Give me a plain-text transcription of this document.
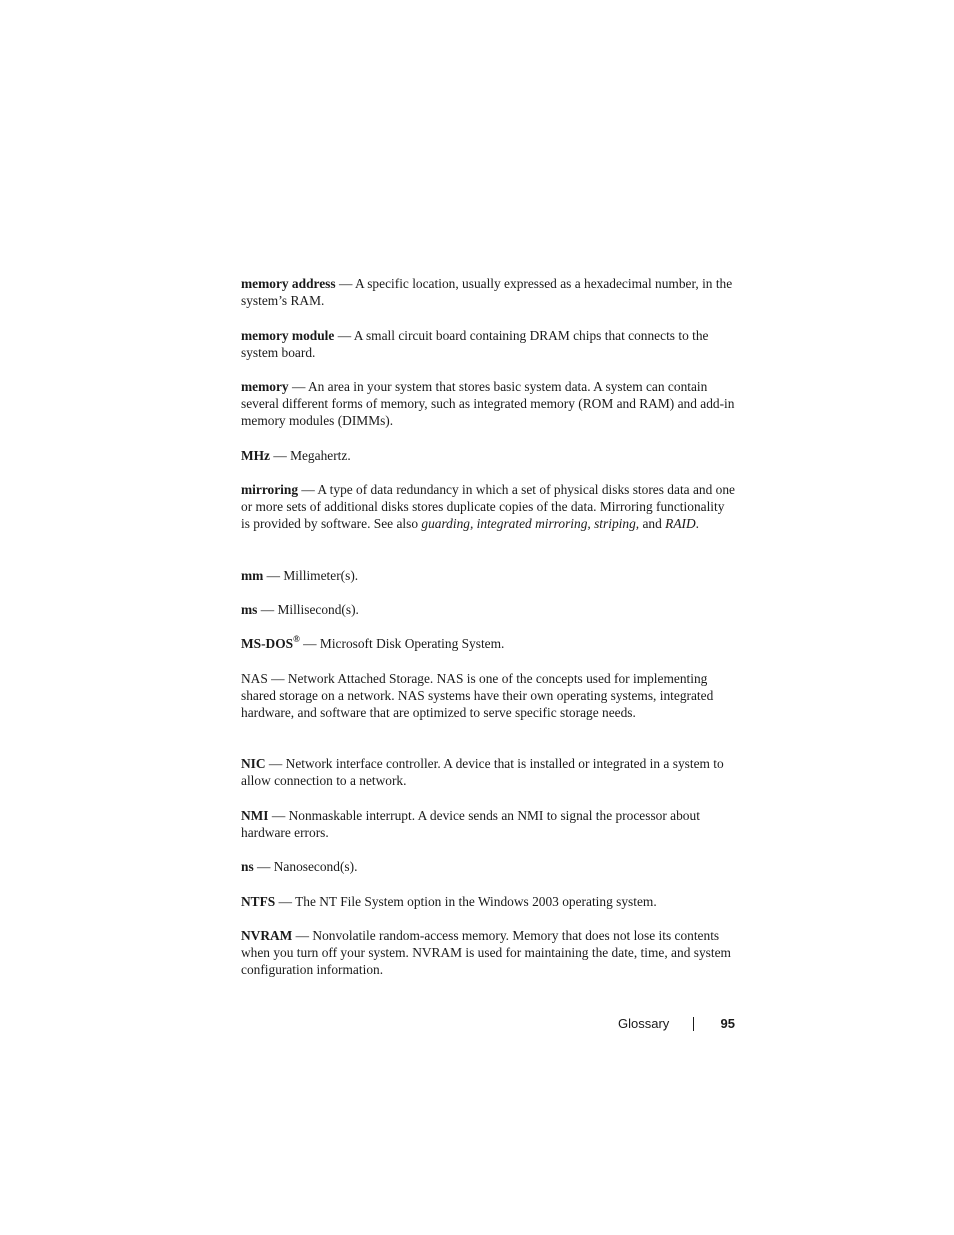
memory address — A specific location, usually expressed as a hexadecimal number, in the system’s RAM.

memory module — A small circuit board containing DRAM chips that connects to the system board.

memory — An area in your system that stores basic system data. A system can contain several different forms of memory, such as integrated memory (ROM and RAM) and add-in memory modules (DIMMs).

MHz — Megahertz.

mirroring — A type of data redundancy in which a set of physical disks stores data and one or more sets of additional disks stores duplicate copies of the data. Mirroring functionality is provided by software. See also guarding, integrated mirroring, striping, and RAID.

mm — Millimeter(s).

ms — Millisecond(s).

MS-DOS® — Microsoft Disk Operating System.

NAS — Network Attached Storage. NAS is one of the concepts used for implementing shared storage on a network. NAS systems have their own operating systems, integrated hardware, and software that are optimized to serve specific storage needs.

NIC — Network interface controller. A device that is installed or integrated in a system to allow connection to a network.

NMI — Nonmaskable interrupt. A device sends an NMI to signal the processor about hardware errors.

ns — Nanosecond(s).

NTFS — The NT File System option in the Windows 2003 operating system.

NVRAM — Nonvolatile random-access memory. Memory that does not lose its contents when you turn off your system. NVRAM is used for maintaining the date, time, and system configuration information.

Glossary	95
